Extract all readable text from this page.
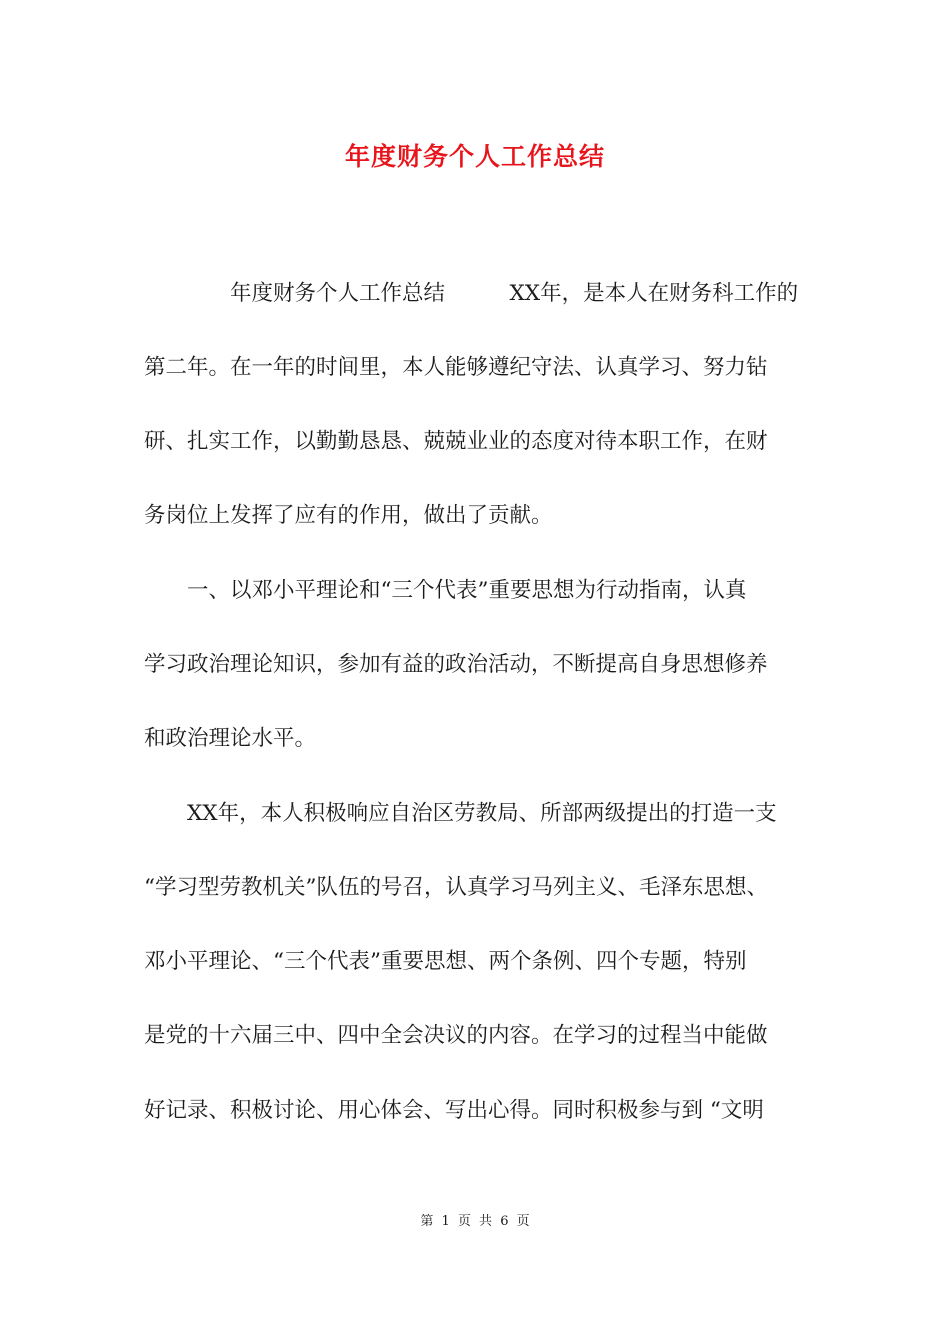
年度财务个人工作总结

　　　　年度财务个人工作总结　　　XX年，是本人在财务科工作的

第二年。在一年的时间里，本人能够遵纪守法、认真学习、努力钻

研、扎实工作，以勤勤恳恳、兢兢业业的态度对待本职工作，在财

务岗位上发挥了应有的作用，做出了贡献。

　　一、以邓小平理论和“三个代表”重要思想为行动指南，认真

学习政治理论知识，参加有益的政治活动，不断提高自身思想修养

和政治理论水平。

　　XX年，本人积极响应自治区劳教局、所部两级提出的打造一支

“学习型劳教机关”队伍的号召，认真学习马列主义、毛泽东思想、

邓小平理论、“三个代表”重要思想、两个条例、四个专题，特别

是党的十六届三中、四中全会决议的内容。在学习的过程当中能做

好记录、积极讨论、用心体会、写出心得。同时积极参与到 “文明

第 1 页 共 6 页
